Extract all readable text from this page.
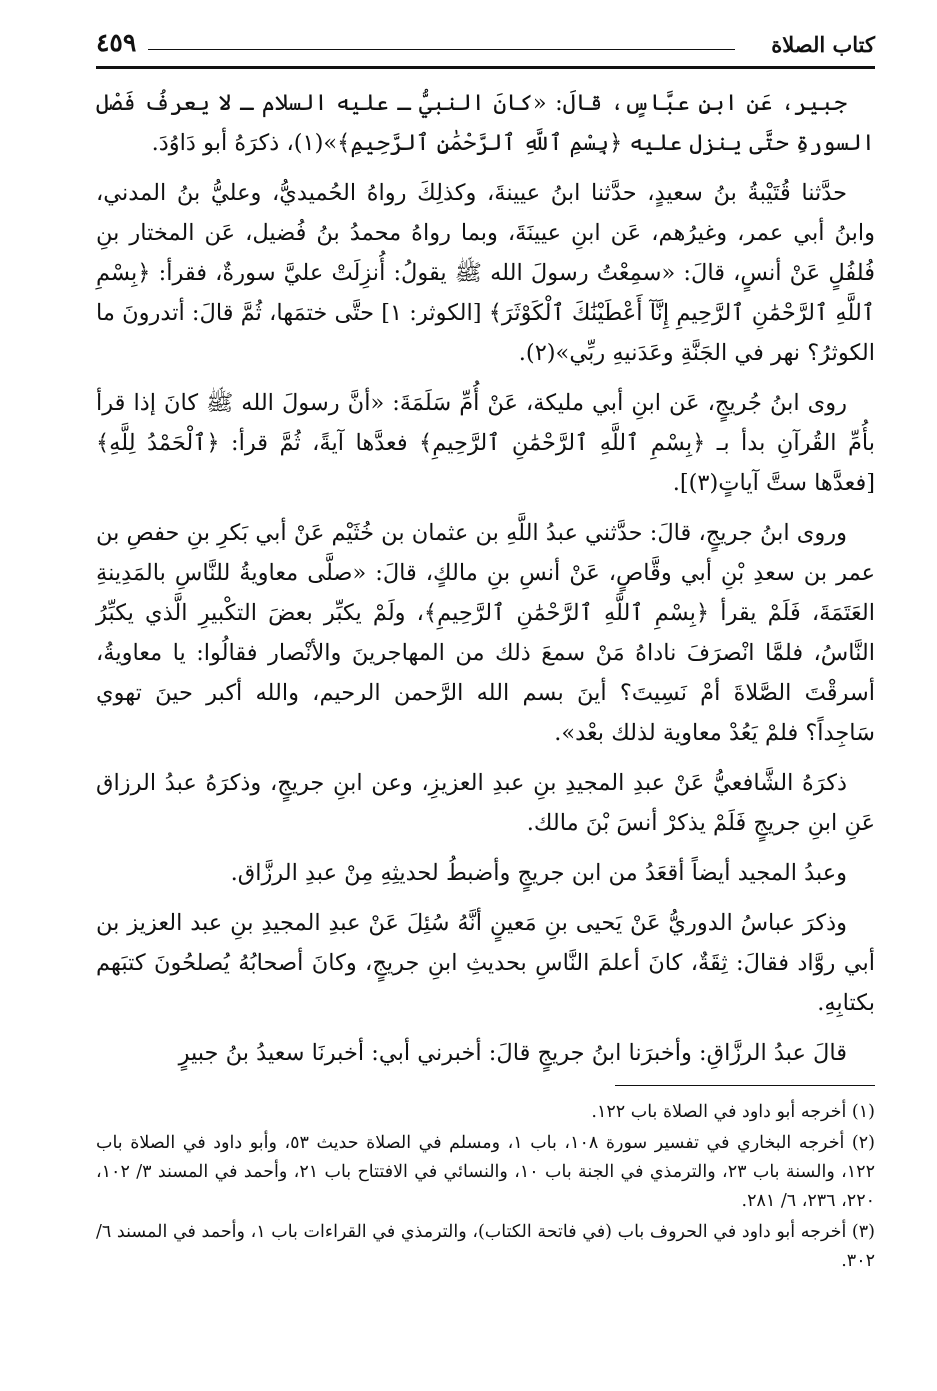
كتاب الصلاة
٤٥٩

جبير، عَن ابنِ عبَّاسٍ، قالَ: «كانَ النبيُّ ـ عليه السلام ـ لا يعرفُ فَصْل السورةِ حتَّى ينزل عليه ﴿بِسْمِ ٱللَّهِ ٱلرَّحْمَٰنِ ٱلرَّحِيمِ﴾»(١)، ذكرَهُ أبو دَاوُدَ.

حدَّثنا قُتَيْبةُ بنُ سعيدٍ، حدَّثنا ابنُ عيينةَ، وكذلِكَ رواهُ الحُميديُّ، وعليُّ بنُ المدني، وابنُ أبي عمر، وغيرُهم، عَن ابنِ عيينَةَ، وبما رواهُ محمدُ بنُ فُضيل، عَن المختار بنِ فُلفُلٍ عَنْ أنسٍ، قالَ: «سمِعْتُ رسولَ الله ﷺ يقولُ: أُنزِلَتْ عليَّ سورةٌ، فقرأ: ﴿بِسْمِ ٱللَّهِ ٱلرَّحْمَٰنِ ٱلرَّحِيمِ إِنَّآ أَعْطَيْنَٰكَ ٱلْكَوْثَرَ﴾ [الكوثر: ١] حتَّى ختمَها، ثُمَّ قالَ: أتدرونَ ما الكوثرُ؟ نهر في الجَنَّةِ وعَدَنيهِ ربِّي»(٢).

روى ابنُ جُريجٍ، عَن ابنِ أبي مليكة، عَنْ أُمِّ سَلَمَةَ: «أنَّ رسولَ الله ﷺ كانَ إذا قرأ بأُمِّ القُرآنِ بدأ بـ ﴿بِسْمِ ٱللَّهِ ٱلرَّحْمَٰنِ ٱلرَّحِيمِ﴾ فعدَّها آيةً، ثُمَّ قرأ: ﴿ٱلْحَمْدُ لِلَّهِ﴾ [فعدَّها ستَّ آياتٍ(٣)].

وروى ابنُ جريجٍ، قالَ: حدَّثني عبدُ اللَّهِ بن عثمان بن خُثَيْم عَنْ أبي بَكرِ بنِ حفصِ بن عمر بن سعدِ بْنِ أبي وقَّاصٍ، عَنْ أنسِ بنِ مالكٍ، قالَ: «صلَّى معاويةُ للنَّاسِ بالمَدِينةِ العَتَمَةَ، فَلَمْ يقرأ ﴿بِسْمِ ٱللَّهِ ٱلرَّحْمَٰنِ ٱلرَّحِيمِ﴾، ولَمْ يكبِّر بعضَ التكْبيرِ الَّذي يكبِّرُ النَّاسُ، فلمَّا انْصرَفَ ناداهُ مَنْ سمعَ ذلك من المهاجرينَ والأنْصار فقالُوا: يا معاويةُ، أسرقْتَ الصَّلاةَ أمْ نَسِيتَ؟ أينَ بسم الله الرَّحمن الرحيم، والله أكبر حينَ تهوي سَاجِداً؟ فلمْ يَعُدْ معاوية لذلك بعْد».

ذكرَهُ الشَّافعيُّ عَنْ عبدِ المجيدِ بنِ عبدِ العزيزِ، وعن ابنِ جريجٍ، وذكرَهُ عبدُ الرزاق عَنِ ابنِ جريجٍ فَلَمْ يذكرْ أنسَ بْنَ مالك.

وعبدُ المجيد أيضاً أقعَدُ من ابن جريجٍ وأضبطُ لحديثِهِ مِنْ عبدِ الرزَّاق.

وذكرَ عباسُ الدوريُّ عَنْ يَحيى بنِ مَعينٍ أنَّهُ سُئِلَ عَنْ عبدِ المجيدِ بنِ عبد العزيز بن أبي روَّاد فقالَ: ثِقَةٌ، كانَ أعلمَ النَّاسِ بحديثِ ابنِ جريجٍ، وكانَ أصحابُهُ يُصلحُونَ كتبَهم بكتابِهِ.

قالَ عبدُ الرزَّاقِ: وأخبرَنا ابنُ جريجٍ قالَ: أخبرني أبي: أخبرنَا سعيدُ بنُ جبيرٍ

(١) أخرجه أبو داود في الصلاة باب ١٢٢.

(٢) أخرجه البخاري في تفسير سورة ١٠٨، باب ١، ومسلم في الصلاة حديث ٥٣، وأبو داود في الصلاة باب ١٢٢، والسنة باب ٢٣، والترمذي في الجنة باب ١٠، والنسائي في الافتتاح باب ٢١، وأحمد في المسند ٣/ ١٠٢، ٢٢٠، ٢٣٦، ٦/ ٢٨١.

(٣) أخرجه أبو داود في الحروف باب (في فاتحة الكتاب)، والترمذي في القراءات باب ١، وأحمد في المسند ٦/ ٣٠٢.
